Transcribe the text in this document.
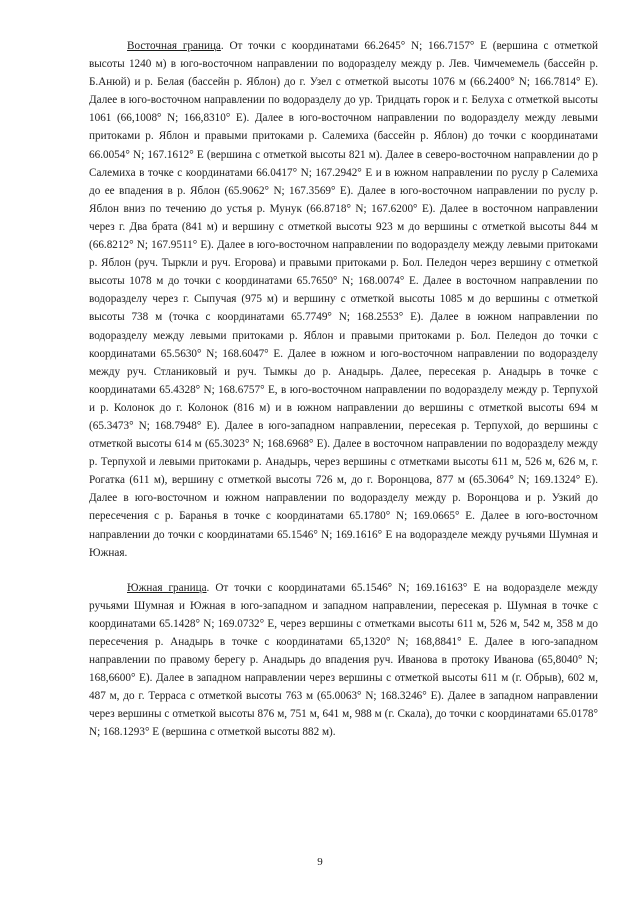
Восточная граница. От точки с координатами 66.2645° N; 166.7157° E (вершина с отметкой высоты 1240 м) в юго-восточном направлении по водоразделу между р. Лев. Чимчемемель (бассейн р. Б.Анюй) и р. Белая (бассейн р. Яблон) до г. Узел с отметкой высоты 1076 м (66.2400° N; 166.7814° E). Далее в юго-восточном направлении по водоразделу до ур. Тридцать горок и г. Белуха с отметкой высоты 1061 (66,1008° N; 166,8310° E). Далее в юго-восточном направлении по водоразделу между левыми притоками р. Яблон и правыми притоками р. Салемиха (бассейн р. Яблон) до точки с координатами 66.0054° N; 167.1612° E (вершина с отметкой высоты 821 м). Далее в северо-восточном направлении до р Салемиха в точке с координатами 66.0417° N; 167.2942° E и в южном направлении по руслу р Салемиха до ее впадения в р. Яблон (65.9062° N; 167.3569° E). Далее в юго-восточном направлении по руслу р. Яблон вниз по течению до устья р. Мунук (66.8718° N; 167.6200° E). Далее в восточном направлении через г. Два брата (841 м) и вершину с отметкой высоты 923 м до вершины с отметкой высоты 844 м (66.8212° N; 167.9511° E). Далее в юго-восточном направлении по водоразделу между левыми притоками р. Яблон (руч. Тыркли и руч. Егорова) и правыми притоками р. Бол. Пеледон через вершину с отметкой высоты 1078 м до точки с координатами 65.7650° N; 168.0074° E. Далее в восточном направлении по водоразделу через г. Сыпучая (975 м) и вершину с отметкой высоты 1085 м до вершины с отметкой высоты 738 м (точка с координатами 65.7749° N; 168.2553° E). Далее в южном направлении по водоразделу между левыми притоками р. Яблон и правыми притоками р. Бол. Пеледон до точки с координатами 65.5630° N; 168.6047° E. Далее в южном и юго-восточном направлении по водоразделу между руч. Стланиковый и руч. Тымкы до р. Анадырь. Далее, пересекая р. Анадырь в точке с координатами 65.4328° N; 168.6757° E, в юго-восточном направлении по водоразделу между р. Терпухой и р. Колонок до г. Колонок (816 м) и в южном направлении до вершины с отметкой высоты 694 м (65.3473° N; 168.7948° E). Далее в юго-западном направлении, пересекая р. Терпухой, до вершины с отметкой высоты 614 м (65.3023° N; 168.6968° E). Далее в восточном направлении по водоразделу между р. Терпухой и левыми притоками р. Анадырь, через вершины с отметками высоты 611 м, 526 м, 626 м, г. Рогатка (611 м), вершину с отметкой высоты 726 м, до г. Воронцова, 877 м (65.3064° N; 169.1324° E). Далее в юго-восточном и южном направлении по водоразделу между р. Воронцова и р. Узкий до пересечения с р. Баранья в точке с координатами 65.1780° N; 169.0665° E. Далее в юго-восточном направлении до точки с координатами 65.1546° N; 169.1616° E на водоразделе между ручьями Шумная и Южная.

Южная граница. От точки с координатами 65.1546° N; 169.16163° E на водоразделе между ручьями Шумная и Южная в юго-западном и западном направлении, пересекая р. Шумная в точке с координатами 65.1428° N; 169.0732° E, через вершины с отметками высоты 611 м, 526 м, 542 м, 358 м до пересечения р. Анадырь в точке с координатами 65,1320° N; 168,8841° E. Далее в юго-западном направлении по правому берегу р. Анадырь до впадения руч. Иванова в протоку Иванова (65,8040° N; 168,6600° E). Далее в западном направлении через вершины с отметкой высоты 611 м (г. Обрыв), 602 м, 487 м, до г. Терраса с отметкой высоты 763 м (65.0063° N; 168.3246° E). Далее в западном направлении через вершины с отметкой высоты 876 м, 751 м, 641 м, 988 м (г. Скала), до точки с координатами 65.0178° N; 168.1293° E (вершина с отметкой высоты 882 м).

9
